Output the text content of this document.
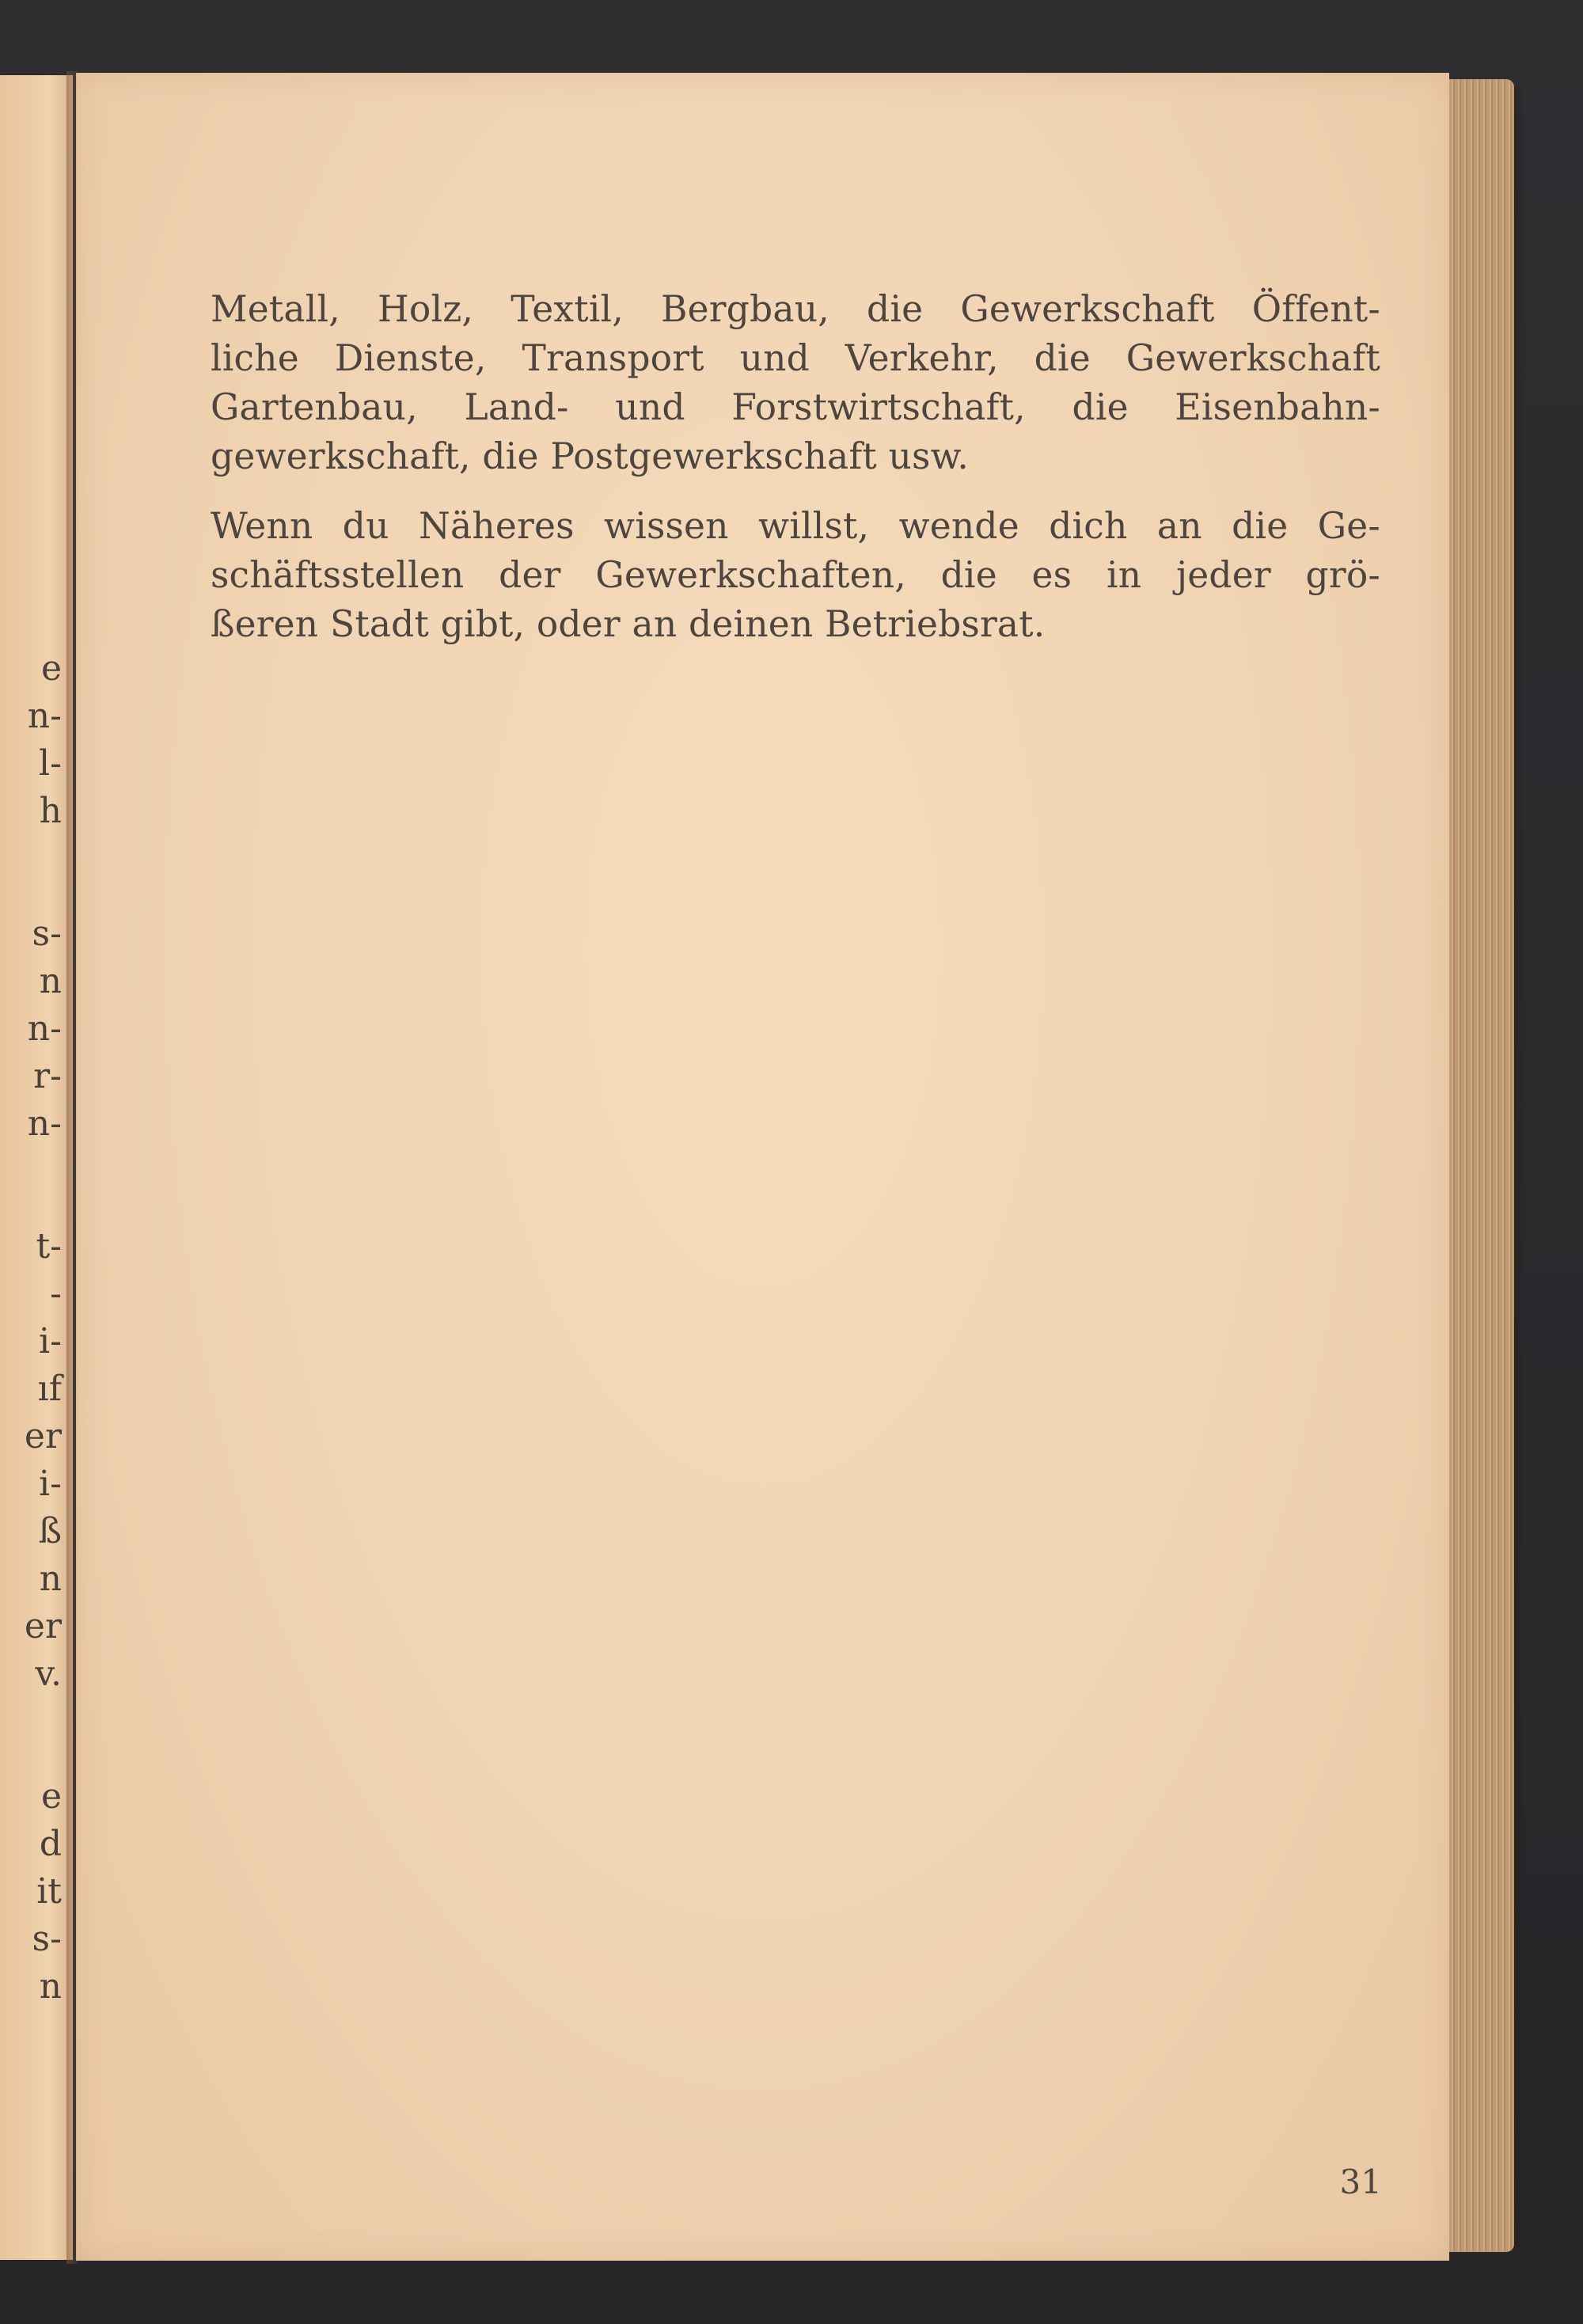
e
n-
l-
h
s-
n
n-
r-
n-
t-
-
i-
ıf
er
i-
ß
n
er
v.
e
d
it
s-
n
Metall, Holz, Textil, Bergbau, die Gewerkschaft Öffent-
liche Dienste, Transport und Verkehr, die Gewerkschaft
Gartenbau, Land- und Forstwirtschaft, die Eisenbahn-
gewerkschaft, die Postgewerkschaft usw.
Wenn du Näheres wissen willst, wende dich an die Ge-
schäftsstellen der Gewerkschaften, die es in jeder grö-
ßeren Stadt gibt, oder an deinen Betriebsrat.
31
